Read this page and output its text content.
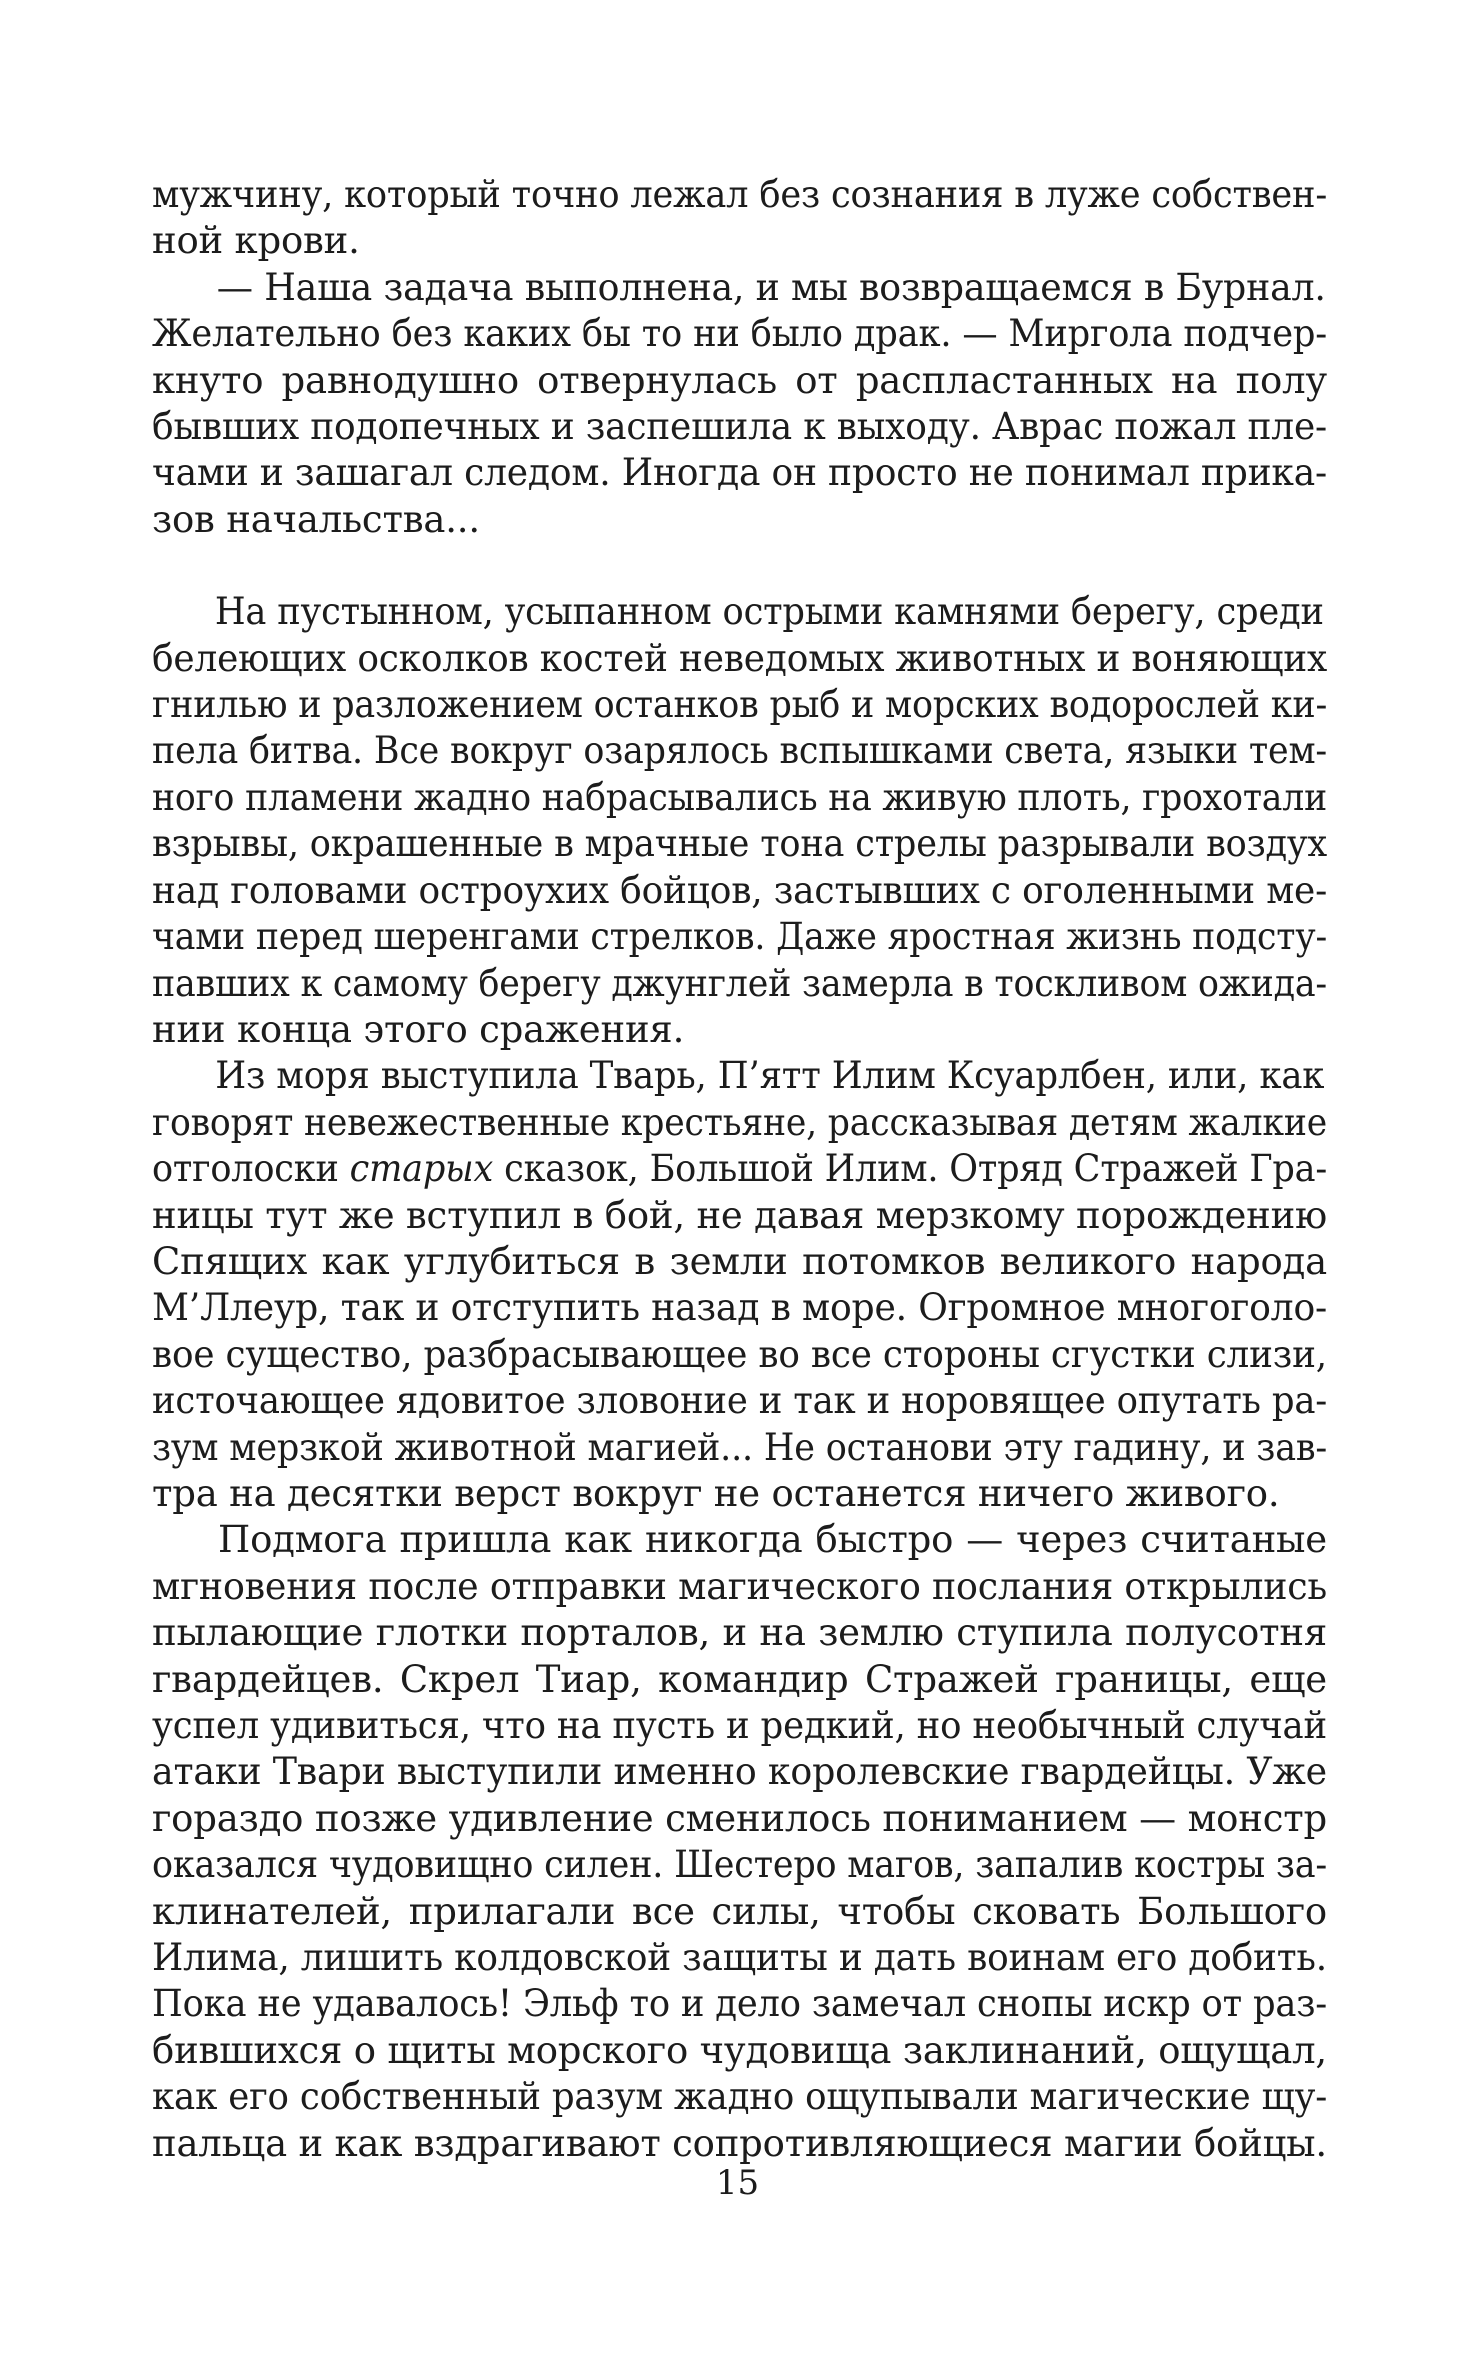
мужчину, который точно лежал без сознания в луже собствен-
ной крови.
— Наша задача выполнена, и мы возвращаемся в Бурнал.
Желательно без каких бы то ни было драк. — Миргола подчер-
кнуто равнодушно отвернулась от распластанных на полу
бывших подопечных и заспешила к выходу. Аврас пожал пле-
чами и зашагал следом. Иногда он просто не понимал прика-
зов начальства...
На пустынном, усыпанном острыми камнями берегу, среди
белеющих осколков костей неведомых животных и воняющих
гнилью и разложением останков рыб и морских водорослей ки-
пела битва. Все вокруг озарялось вспышками света, языки тем-
ного пламени жадно набрасывались на живую плоть, грохотали
взрывы, окрашенные в мрачные тона стрелы разрывали воздух
над головами остроухих бойцов, застывших с оголенными ме-
чами перед шеренгами стрелков. Даже яростная жизнь подсту-
павших к самому берегу джунглей замерла в тоскливом ожида-
нии конца этого сражения.
Из моря выступила Тварь, П’ятт Илим Ксуарлбен, или, как
говорят невежественные крестьяне, рассказывая детям жалкие
отголоски старых сказок, Большой Илим. Отряд Стражей Гра-
ницы тут же вступил в бой, не давая мерзкому порождению
Спящих как углубиться в земли потомков великого народа
М’Ллеур, так и отступить назад в море. Огромное многоголо-
вое существо, разбрасывающее во все стороны сгустки слизи,
источающее ядовитое зловоние и так и норовящее опутать ра-
зум мерзкой животной магией... Не останови эту гадину, и зав-
тра на десятки верст вокруг не останется ничего живого.
Подмога пришла как никогда быстро — через считаные
мгновения после отправки магического послания открылись
пылающие глотки порталов, и на землю ступила полусотня
гвардейцев. Скрел Тиар, командир Стражей границы, еще
успел удивиться, что на пусть и редкий, но необычный случай
атаки Твари выступили именно королевские гвардейцы. Уже
гораздо позже удивление сменилось пониманием — монстр
оказался чудовищно силен. Шестеро магов, запалив костры за-
клинателей, прилагали все силы, чтобы сковать Большого
Илима, лишить колдовской защиты и дать воинам его добить.
Пока не удавалось! Эльф то и дело замечал снопы искр от раз-
бившихся о щиты морского чудовища заклинаний, ощущал,
как его собственный разум жадно ощупывали магические щу-
пальца и как вздрагивают сопротивляющиеся магии бойцы.
15
